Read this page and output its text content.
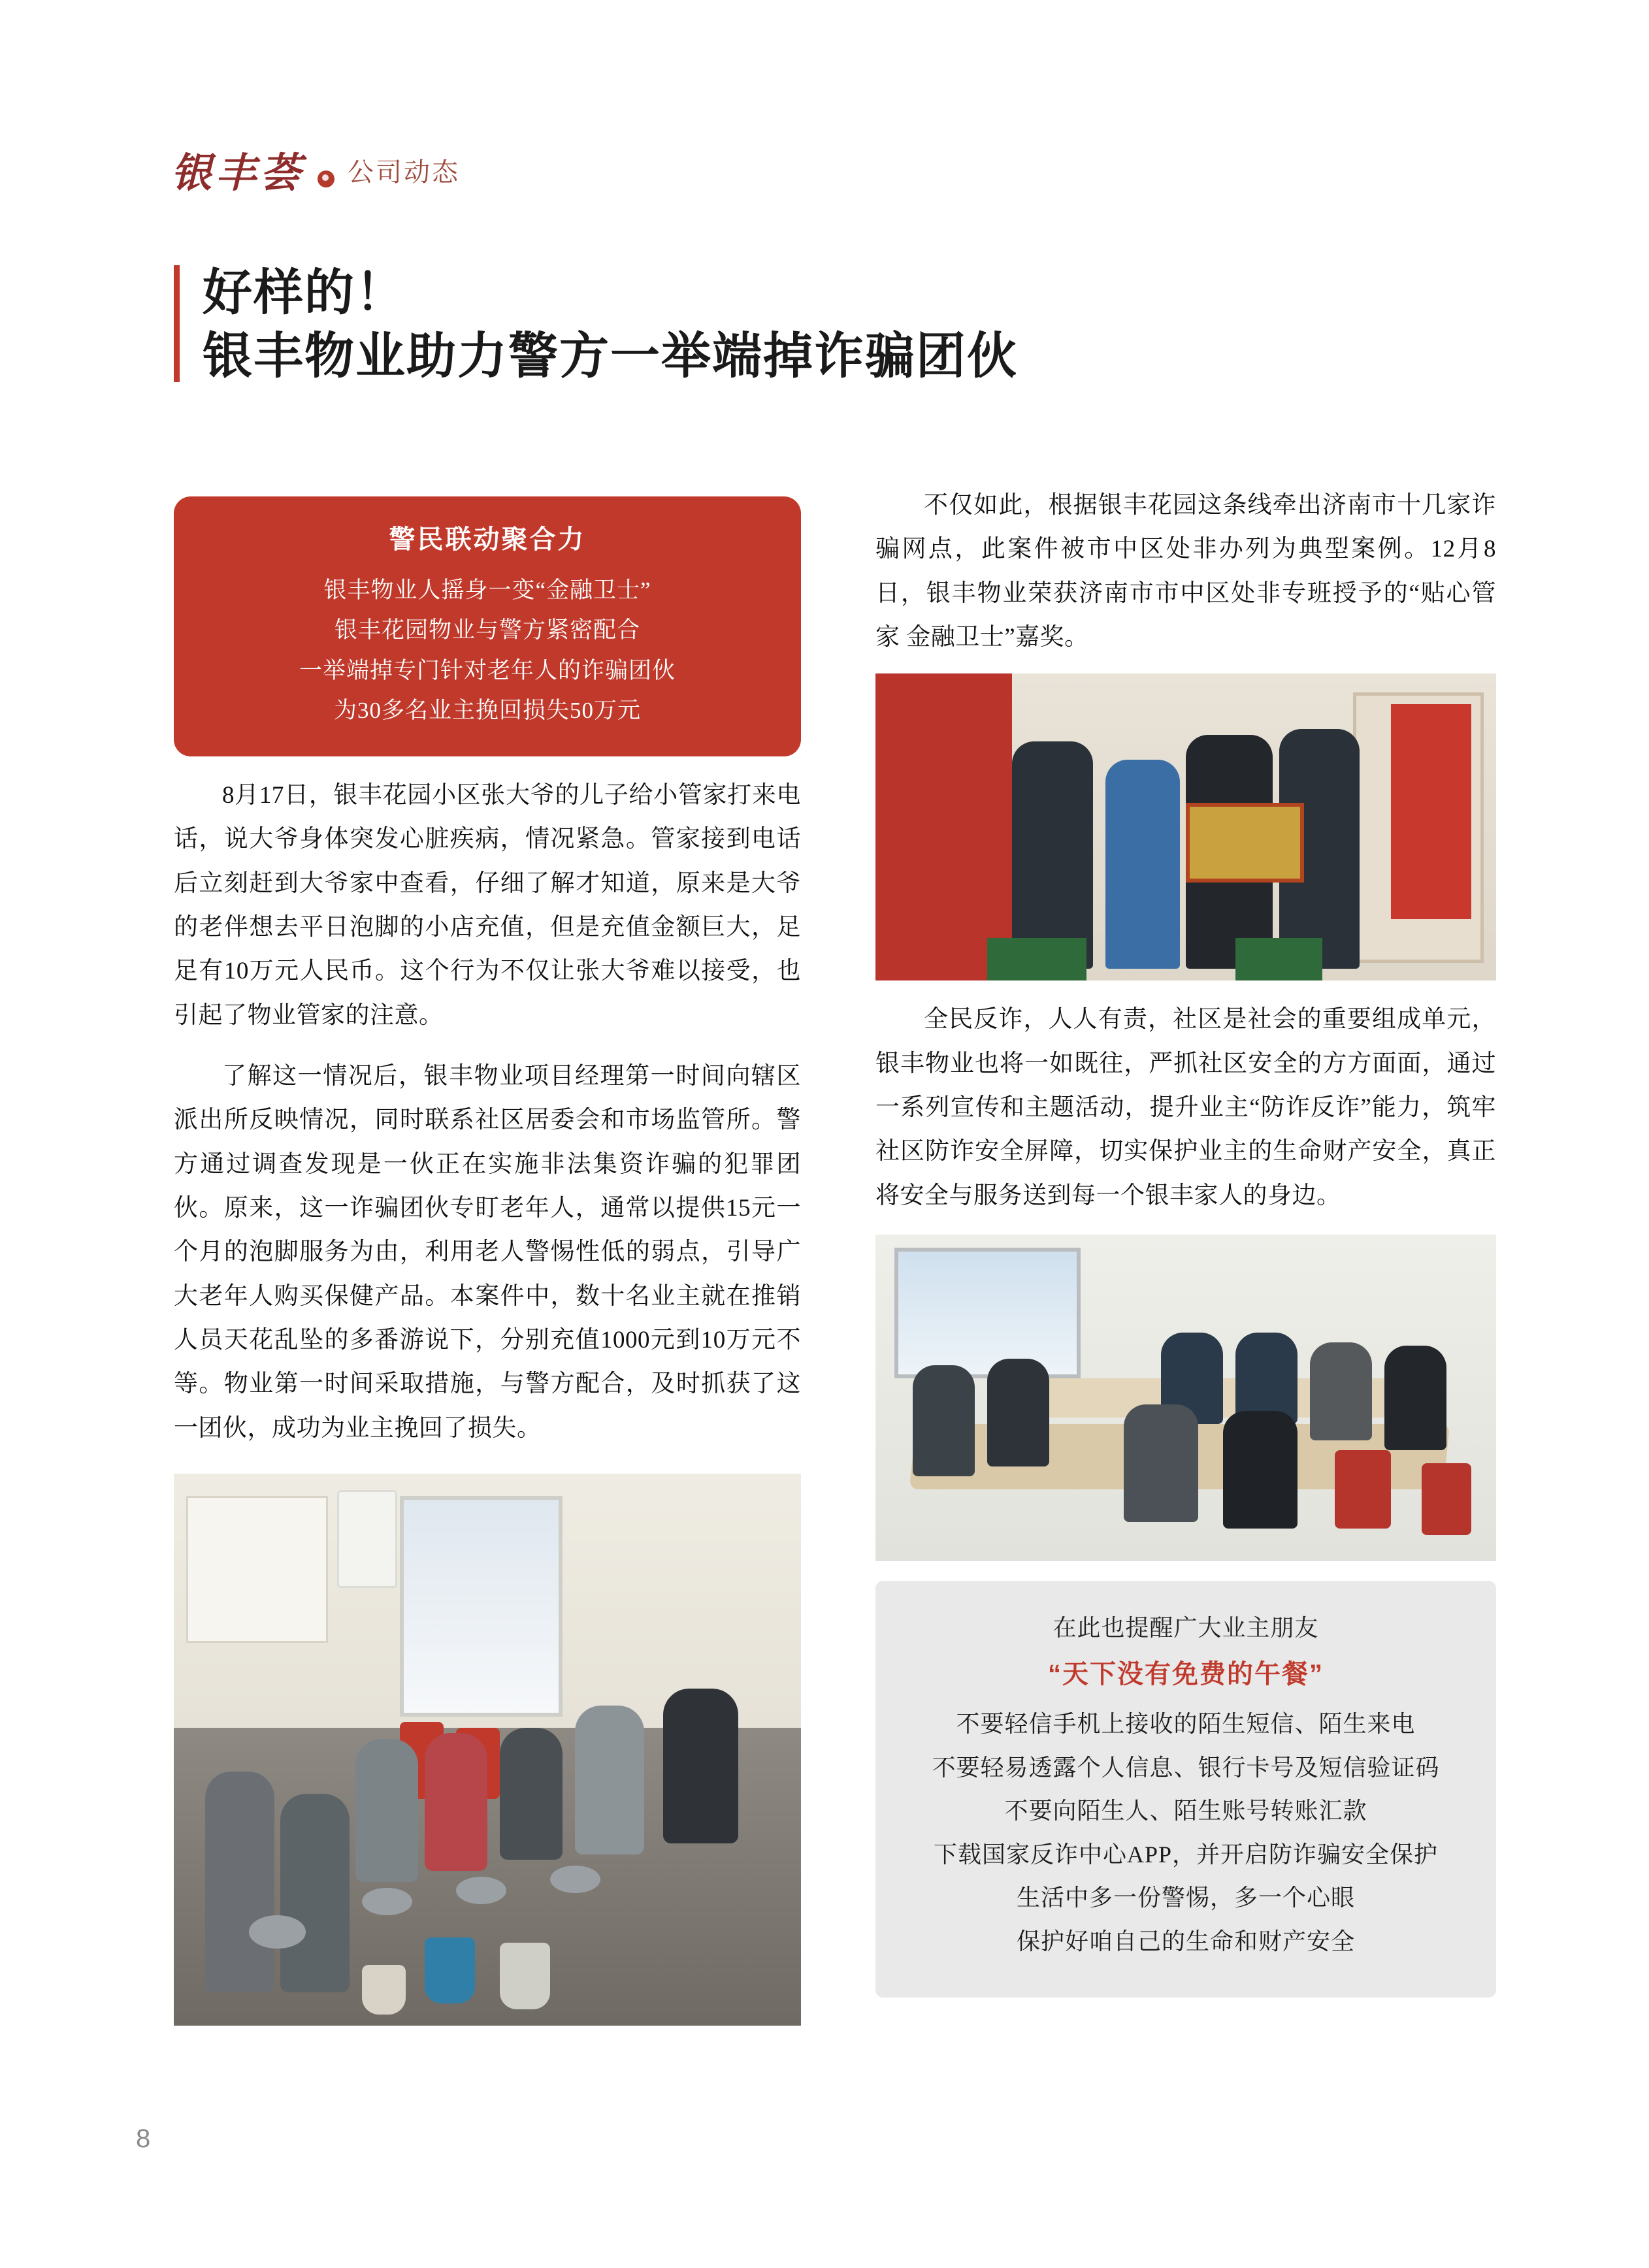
银丰荟 公司动态
好样的！
银丰物业助力警方一举端掉诈骗团伙
警民联动聚合力
银丰物业人摇身一变“金融卫士”
银丰花园物业与警方紧密配合
一举端掉专门针对老年人的诈骗团伙
为30多名业主挽回损失50万元

8月17日，银丰花园小区张大爷的儿子给小管家打来电话，说大爷身体突发心脏疾病，情况紧急。管家接到电话后立刻赶到大爷家中查看，仔细了解才知道，原来是大爷的老伴想去平日泡脚的小店充值，但是充值金额巨大，足足有10万元人民币。这个行为不仅让张大爷难以接受，也引起了物业管家的注意。

了解这一情况后，银丰物业项目经理第一时间向辖区派出所反映情况，同时联系社区居委会和市场监管所。警方通过调查发现是一伙正在实施非法集资诈骗的犯罪团伙。原来，这一诈骗团伙专盯老年人，通常以提供15元一个月的泡脚服务为由，利用老人警惕性低的弱点，引导广大老年人购买保健产品。本案件中，数十名业主就在推销人员天花乱坠的多番游说下，分别充值1000元到10万元不等。物业第一时间采取措施，与警方配合，及时抓获了这一团伙，成功为业主挽回了损失。

不仅如此，根据银丰花园这条线牵出济南市十几家诈骗网点，此案件被市中区处非办列为典型案例。12月8日，银丰物业荣获济南市市中区处非专班授予的“贴心管家 金融卫士”嘉奖。

全民反诈，人人有责，社区是社会的重要组成单元，银丰物业也将一如既往，严抓社区安全的方方面面，通过一系列宣传和主题活动，提升业主“防诈反诈”能力，筑牢社区防诈安全屏障，切实保护业主的生命财产安全，真正将安全与服务送到每一个银丰家人的身边。

在此也提醒广大业主朋友
“天下没有免费的午餐”
不要轻信手机上接收的陌生短信、陌生来电
不要轻易透露个人信息、银行卡号及短信验证码
不要向陌生人、陌生账号转账汇款
下载国家反诈中心APP，并开启防诈骗安全保护
生活中多一份警惕，多一个心眼
保护好咱自己的生命和财产安全
8
